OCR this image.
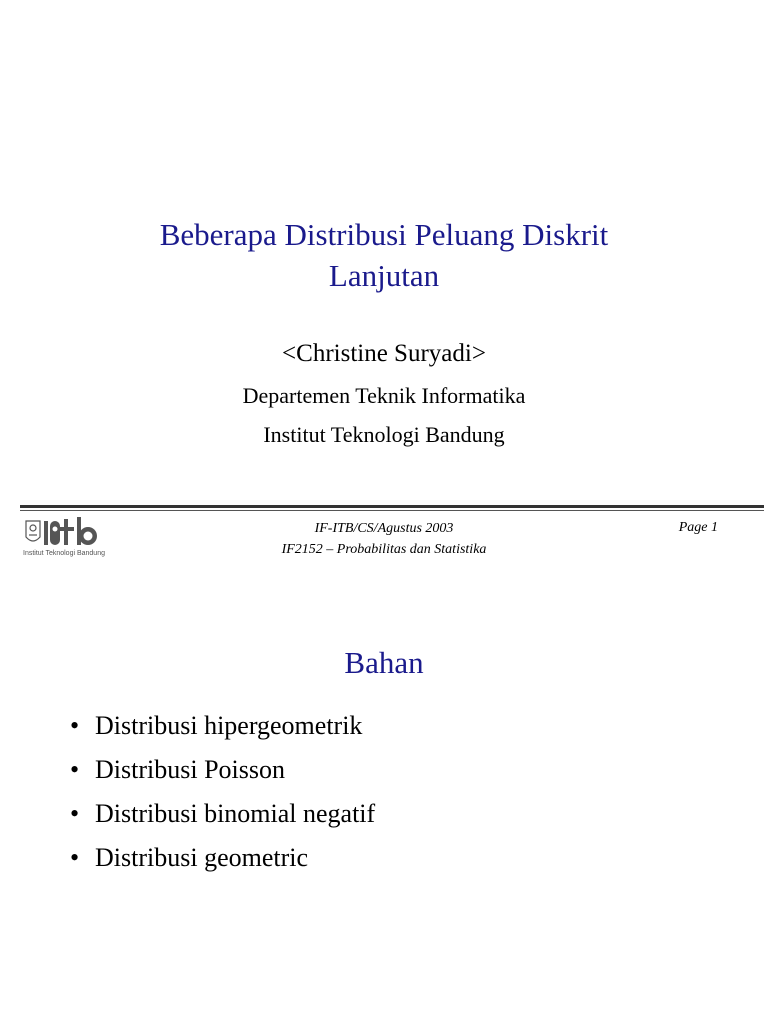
Beberapa Distribusi Peluang Diskrit
Lanjutan
<Christine Suryadi>
Departemen Teknik Informatika
Institut Teknologi Bandung
Institut Teknologi Bandung
IF-ITB/CS/Agustus 2003
IF2152 – Probabilitas dan Statistika
Page 1
Bahan
• Distribusi hipergeometrik
• Distribusi Poisson
• Distribusi binomial negatif
• Distribusi geometric
